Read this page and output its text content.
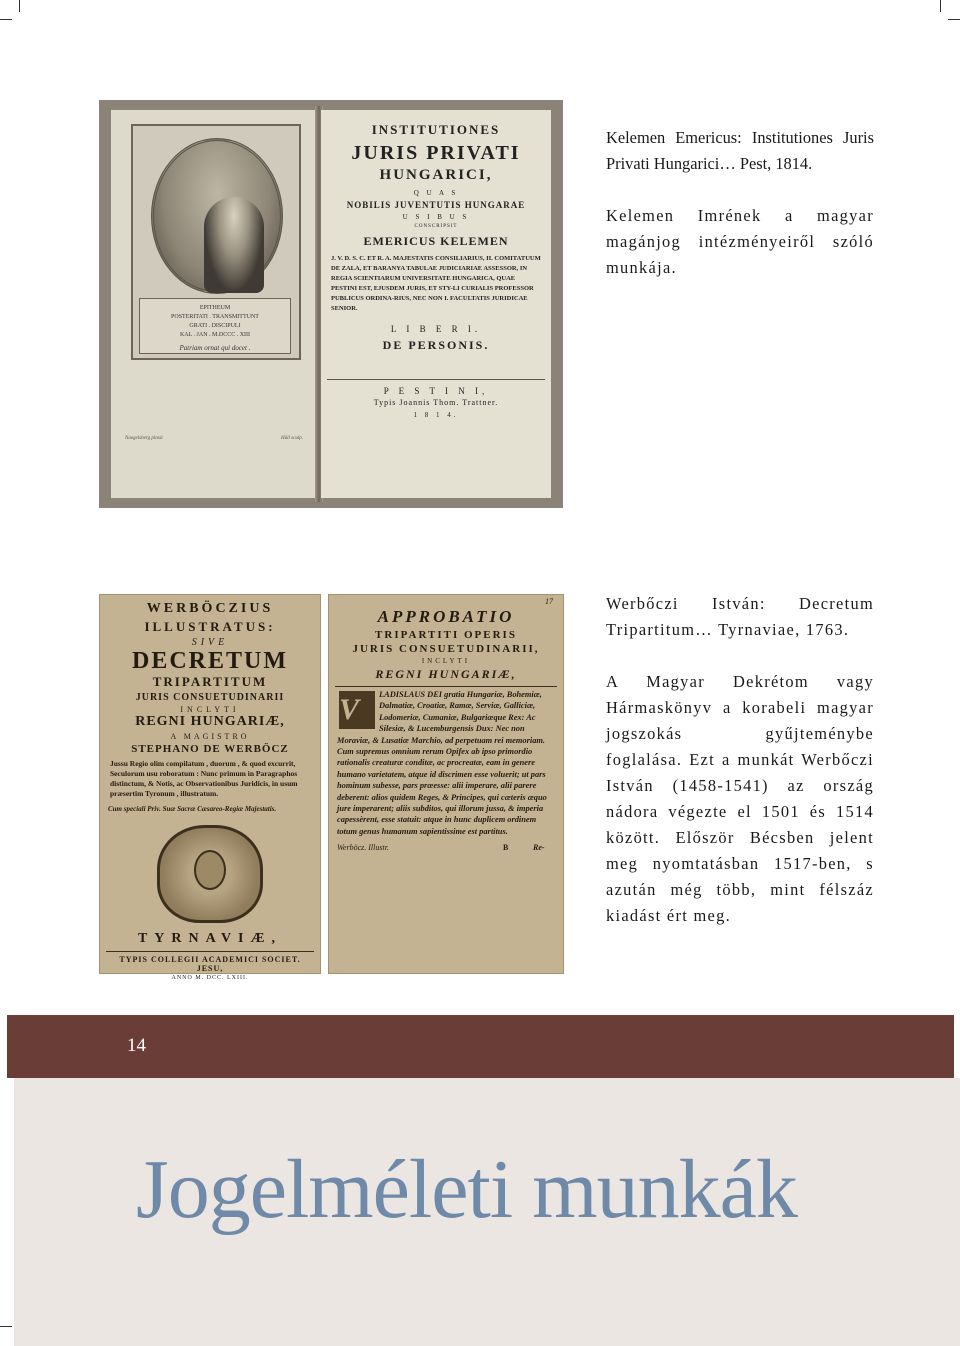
EPITHEUM
POSTERITATI . TRANSMITTUNT
GRATI . DISCIPULI
KAL . JAN . M.DCCC . XIII
Patriam ornat qui docet .
Naegelsberg pinxit	Hüll sculp.
INSTITUTIONES
JURIS PRIVATI
HUNGARICI,
Q U A S
NOBILIS JUVENTUTIS HUNGARAE
U S I B U S
CONSCRIPSIT
EMERICUS KELEMEN
J. V. D. S. C. ET R. A. MAJESTATIS CONSILIARIUS, II. COMITATUUM DE ZALA, ET BARANYA TABULAE JUDICIARIAE ASSESSOR, IN REGIA SCIENTIARUM UNIVERSITATE HUNGARICA, QUAE PESTINI EST, EJUSDEM JURIS, ET STY-LI CURIALIS PROFESSOR PUBLICUS ORDINA-RIUS, NEC NON I. FACULTATIS JURIDICAE SENIOR.
L I B E R I.
DE PERSONIS.
P E S T I N I,
Typis Joannis Thom. Trattner.
1 8 1 4.

Kelemen Emericus: Institutiones Juris Privati Hungarici… Pest, 1814.

Kelemen Imrének a magyar magánjog intézményeiről szóló munkája.

WERBÖCZIUS
ILLUSTRATUS:
SIVE
DECRETUM
TRIPARTITUM
JURIS CONSUETUDINARII
INCLYTI
REGNI HUNGARIÆ,
A MAGISTRO
STEPHANO DE WERBÖCZ
Jussu Regio olim compilatum , duorum , & quod excurrit, Seculorum usu roboratum : Nunc primum in Paragraphos distinctum, & Notis, ac Observationibus Juridicis, in usum præsertim Tyronum , illustratum.
Cum speciali Priv. Suæ Sacræ Cæsareo-Regiæ Majestatis.
TYRNAVIÆ,
TYPIS COLLEGII ACADEMICI SOCIET. JESU,
ANNO M. DCC. LXIII.
17
APPROBATIO
TRIPARTITI OPERIS
JURIS CONSUETUDINARII,
INCLYTI
REGNI HUNGARIÆ,
V	LADISLAUS DEI gratia Hungariæ, Bohemiæ, Dalmatiæ, Croatiæ, Ramæ, Serviæ, Galliciæ, Lodomeriæ, Cumaniæ, Bulgariæque Rex: Ac Silesiæ, & Lucemburgensis Dux: Nec non Moraviæ, & Lusatiæ Marchio, ad perpetuam rei memoriam. Cum supremus omnium rerum Opifex ab ipso primordio rationalis creaturæ conditæ, ac procreatæ, eam in genere humano varietatem, atque id discrimen esse voluerit; ut pars hominum subesse, pars præesse: alii imperare, alii parere deberent: alios quidem Reges, & Principes, qui cæteris æquo jure imperarent; aliis subditos, qui illorum jussa, & imperia capessèrent, esse statuit: atque in hunc duplicem ordinem totum genus humanum sapientissime est partitus.
Werböcz. Illustr.	B	Re-

Werbőczi István: Decretum Tripartitum… Tyrnaviae, 1763.

A Magyar Dekrétom vagy Hármaskönyv a korabeli magyar jogszokás gyűjteménybe foglalása. Ezt a munkát Werbőczi István (1458-1541) az ország nádora végezte el 1501 és 1514 között. Először Bécsben jelent meg nyomtatásban 1517-ben, s azután még több, mint félszáz kiadást ért meg.

14
Jogelméleti munkák
